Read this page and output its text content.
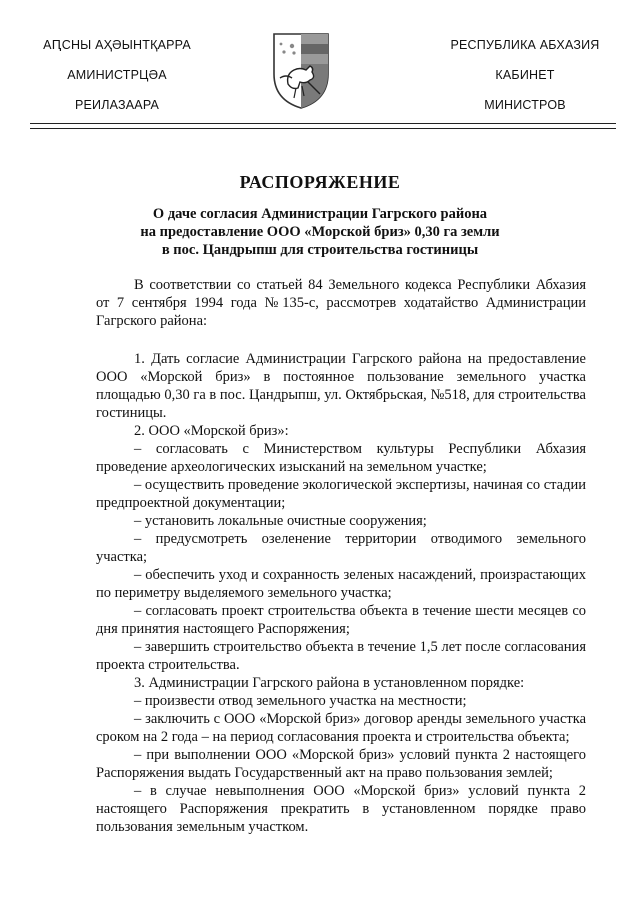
АԤСНЫ АҲӘЫНТҚАРРА
АМИНИСТРЦӘА
РЕИЛАЗААРА
РЕСПУБЛИКА АБХАЗИЯ
КАБИНЕТ
МИНИСТРОВ
РАСПОРЯЖЕНИЕ
О даче согласия Администрации Гагрского района
на предоставление ООО «Морской бриз» 0,30 га земли
в пос. Цандрыпш для строительства гостиницы

В соответствии со статьей 84 Земельного кодекса Республики Абхазия от 7 сентября 1994 года №135-с, рассмотрев ходатайство Администрации Гагрского района:

1. Дать согласие Администрации Гагрского района на предоставление ООО «Морской бриз» в постоянное пользование земельного участка площадью 0,30 га в пос. Цандрыпш, ул. Октябрьская, №518, для строительства гостиницы.

2. ООО «Морской бриз»:

– согласовать с Министерством культуры Республики Абхазия проведение археологических изысканий на земельном участке;

– осуществить проведение экологической экспертизы, начиная со стадии предпроектной документации;

– установить локальные очистные сооружения;

– предусмотреть озеленение территории отводимого земельного участка;

– обеспечить уход и сохранность зеленых насаждений, произрастающих по периметру выделяемого земельного участка;

– согласовать проект строительства объекта в течение шести месяцев со дня принятия настоящего Распоряжения;

– завершить строительство объекта в течение 1,5 лет после согласования проекта строительства.

3. Администрации Гагрского района в установленном порядке:

– произвести отвод земельного участка на местности;

– заключить с ООО «Морской бриз» договор аренды земельного участка сроком на 2 года – на период согласования проекта и строительства объекта;

– при выполнении ООО «Морской бриз» условий пункта 2 настоящего Распоряжения выдать Государственный акт на право пользования землей;

– в случае невыполнения ООО «Морской бриз» условий пункта 2 настоящего Распоряжения прекратить в установленном порядке право пользования земельным участком.
